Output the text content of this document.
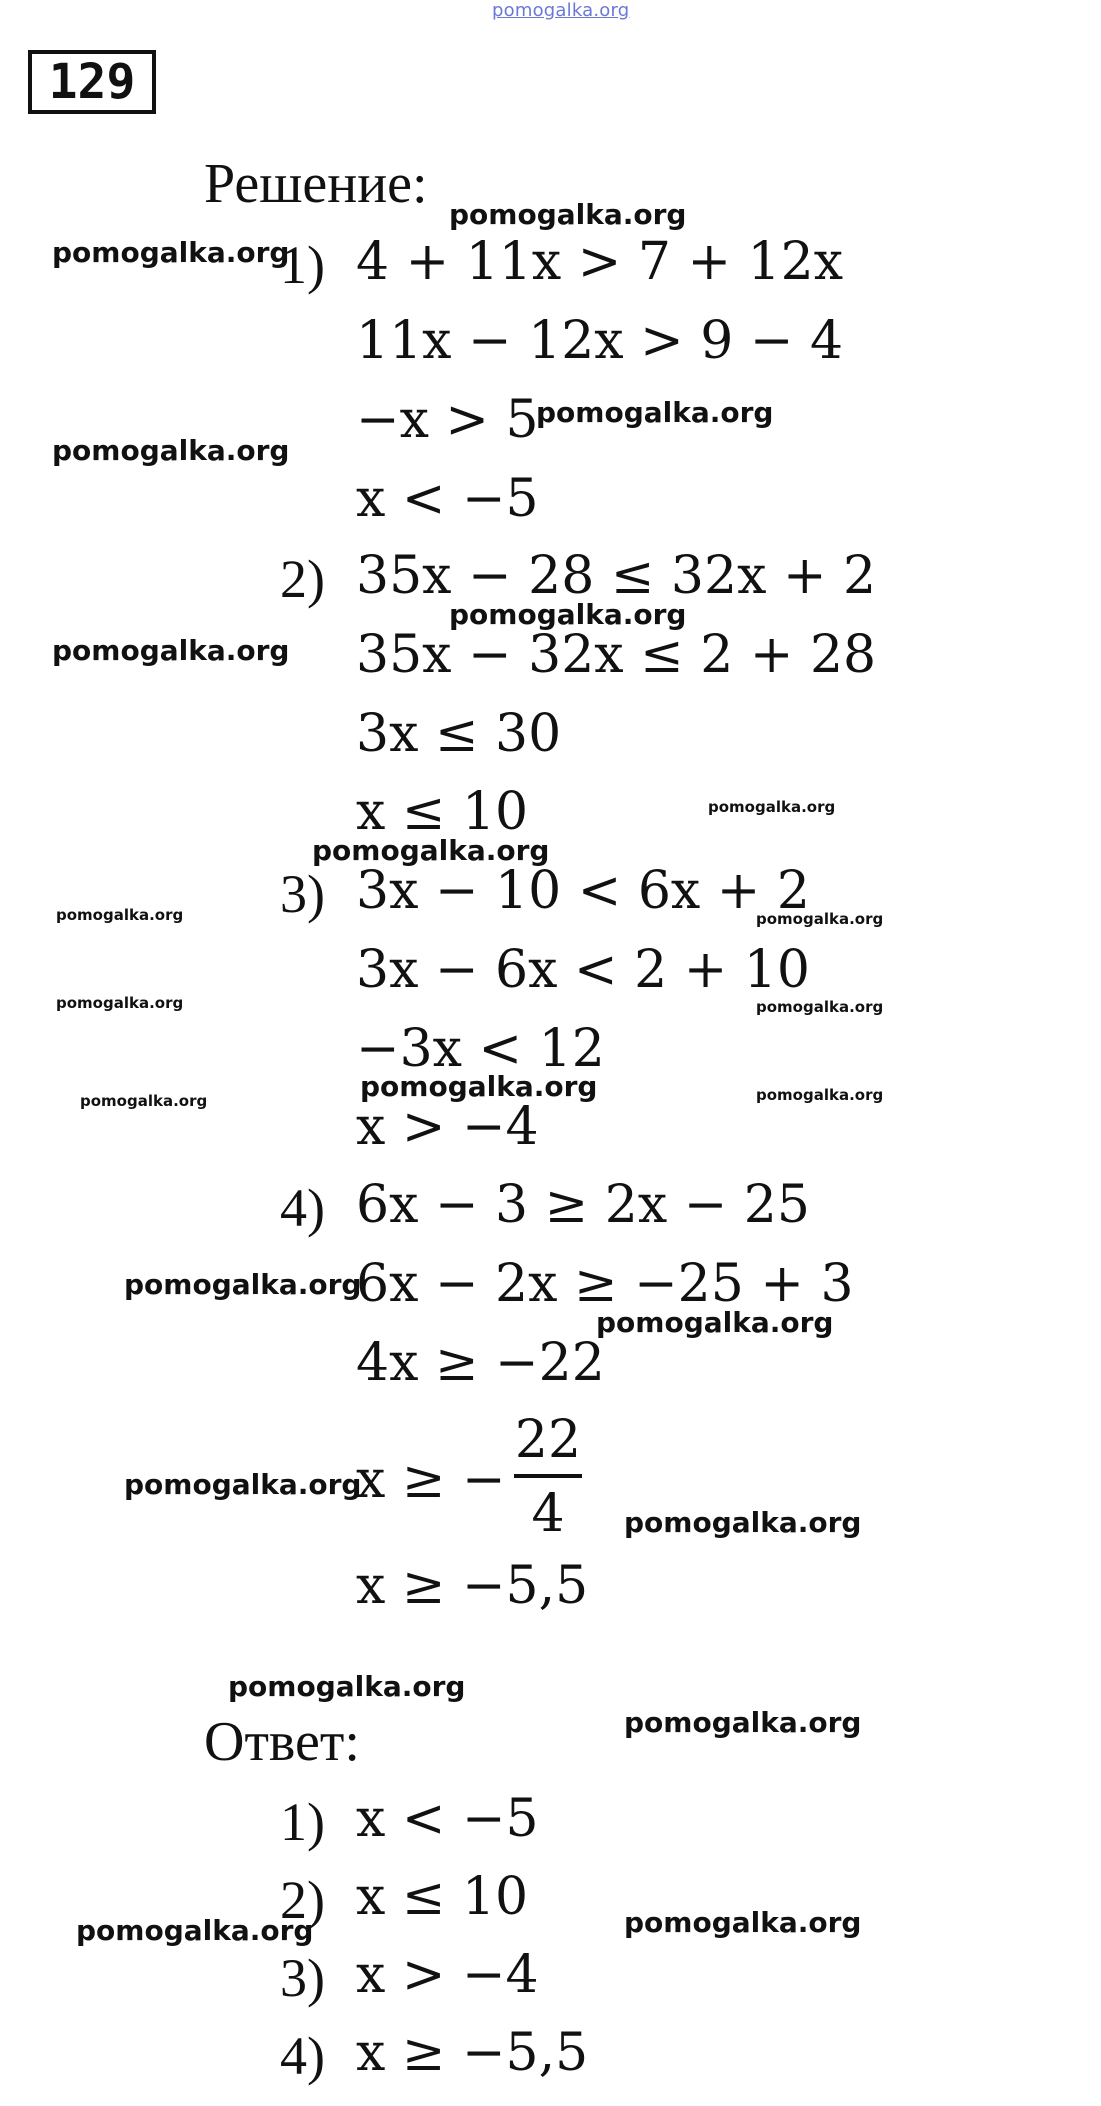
pomogalka.org
129
Решение:
1) 4 + 11x > 7 + 12x
11x − 12x > 9 − 4
−x > 5
x < −5
2) 35x − 28 ≤ 32x + 2
35x − 32x ≤ 2 + 28
3x ≤ 30
x ≤ 10
3) 3x − 10 < 6x + 2
3x − 6x < 2 + 10
−3x < 12
x > −4
4) 6x − 3 ≥ 2x − 25
6x − 2x ≥ −25 + 3
4x ≥ −22
x ≥ −
22
4
x ≥ −5,5
Ответ:
1) x < −5
2) x ≤ 10
3) x > −4
4) x ≥ −5,5
pomogalka.org
pomogalka.org
pomogalka.org
pomogalka.org
pomogalka.org
pomogalka.org
pomogalka.org
pomogalka.org
pomogalka.org	pomogalka.org
pomogalka.org	pomogalka.org
pomogalka.org
pomogalka.org	pomogalka.org
pomogalka.org
pomogalka.org
pomogalka.org
pomogalka.org
pomogalka.org
pomogalka.org
pomogalka.org
pomogalka.org
